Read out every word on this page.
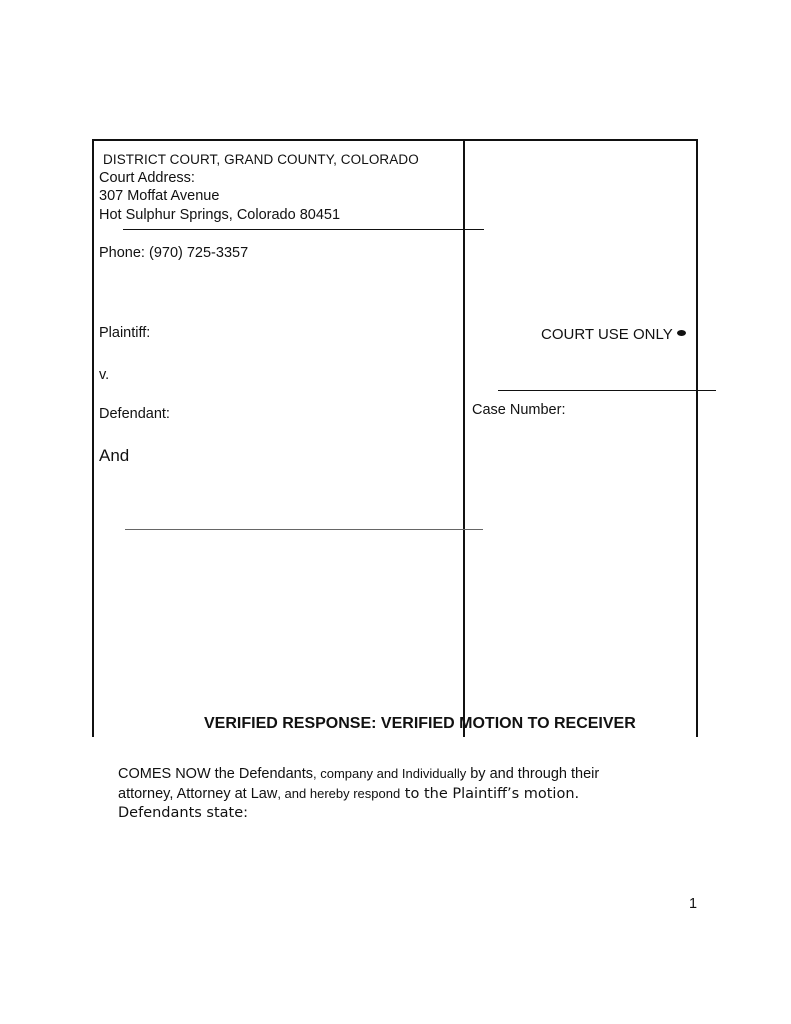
DISTRICT COURT, GRAND COUNTY, COLORADO
Court Address:
307 Moffat Avenue
Hot Sulphur Springs, Colorado 80451
Phone: (970) 725-3357
Plaintiff:
v.
Defendant:
And
COURT USE ONLY
Case Number:
VERIFIED RESPONSE: VERIFIED MOTION TO RECEIVER
COMES NOW the Defendants, company and Individually by and through their attorney, Attorney at Law, and hereby respond to the Plaintiff’s motion. Defendants state:
1
